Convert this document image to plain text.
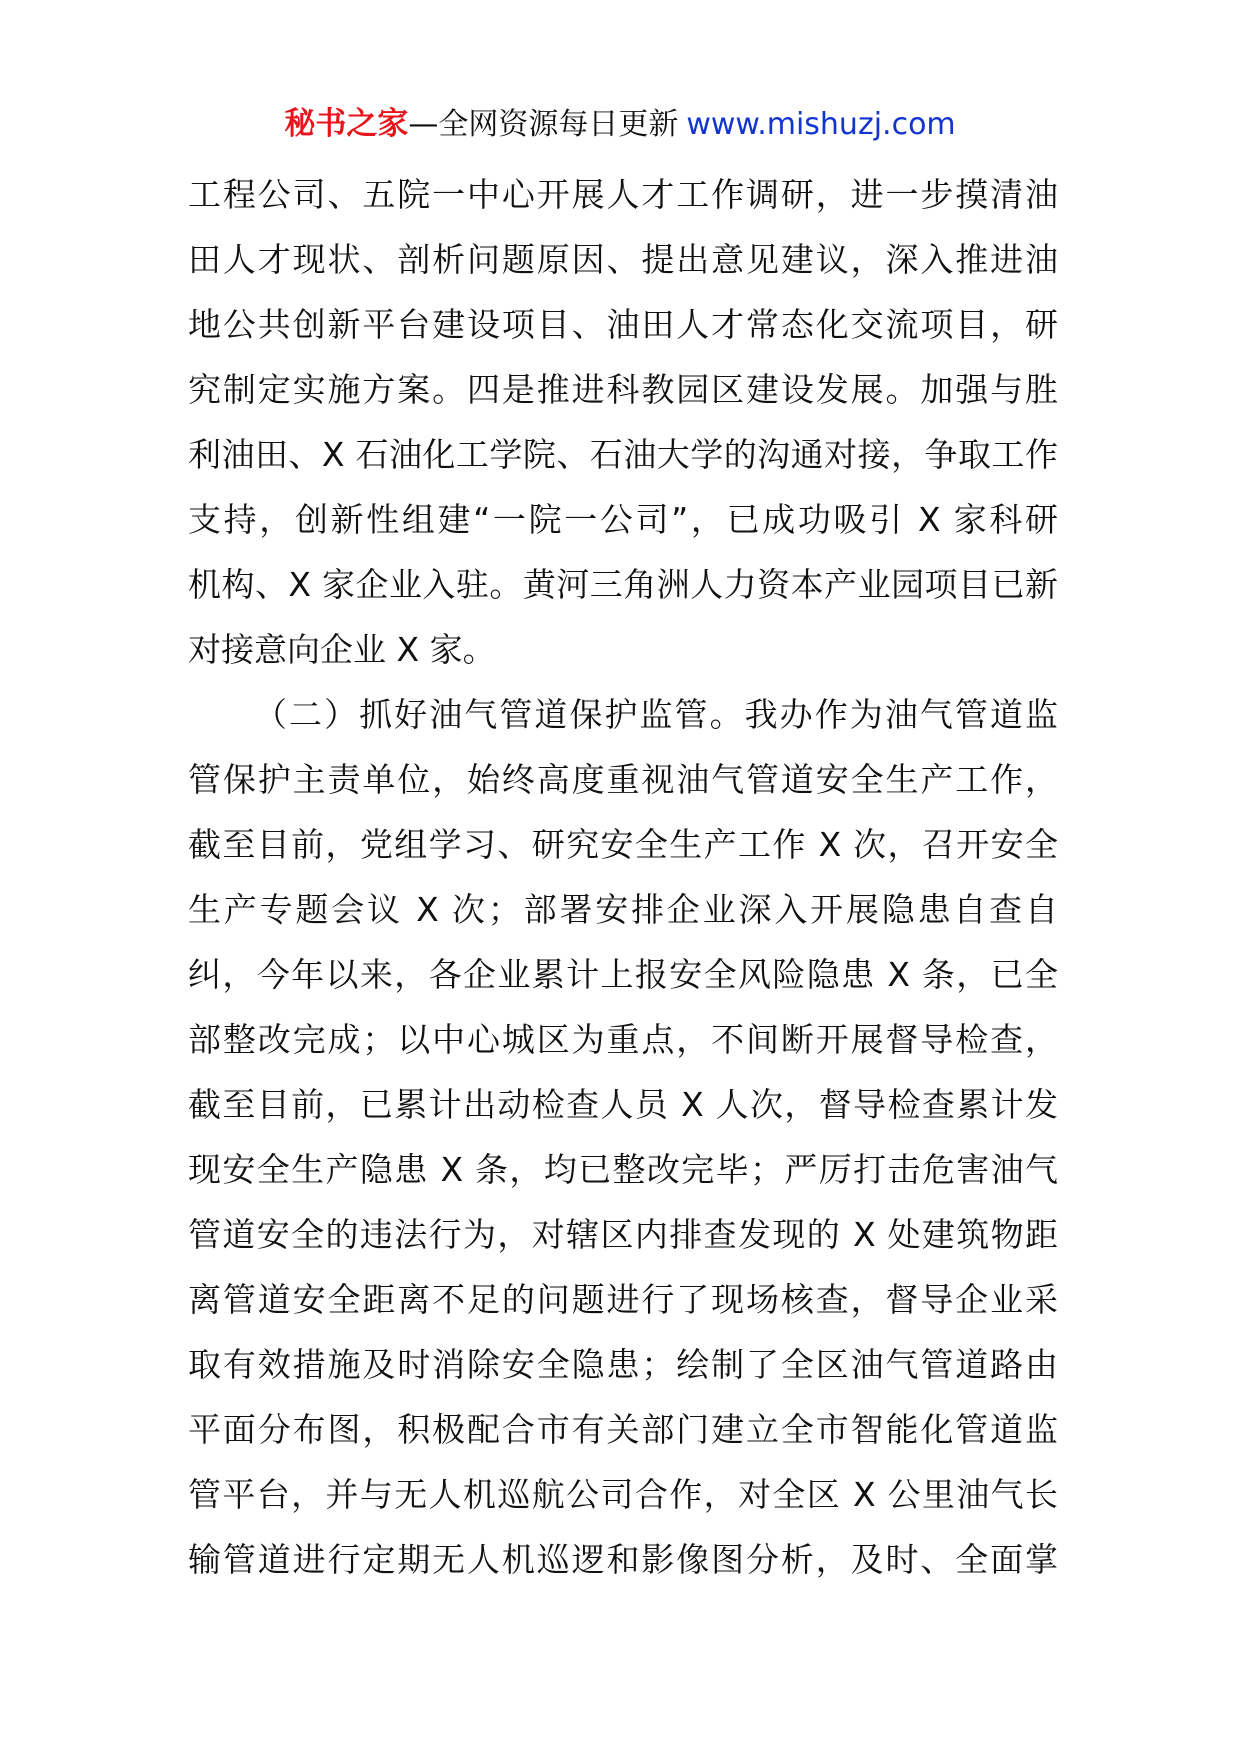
秘书之家—全网资源每日更新 www.mishuzj.com
工程公司、五院一中心开展人才工作调研，进一步摸清油
田人才现状、剖析问题原因、提出意见建议，深入推进油
地公共创新平台建设项目、油田人才常态化交流项目，研
究制定实施方案。四是推进科教园区建设发展。加强与胜
利油田、X 石油化工学院、石油大学的沟通对接，争取工作
支持，创新性组建“一院一公司”，已成功吸引 X 家科研
机构、X 家企业入驻。黄河三角洲人力资本产业园项目已新
对接意向企业 X 家。
（二）抓好油气管道保护监管。我办作为油气管道监
管保护主责单位，始终高度重视油气管道安全生产工作，
截至目前，党组学习、研究安全生产工作 X 次，召开安全
生产专题会议 X 次；部署安排企业深入开展隐患自查自
纠，今年以来，各企业累计上报安全风险隐患 X 条，已全
部整改完成；以中心城区为重点，不间断开展督导检查，
截至目前，已累计出动检查人员 X 人次，督导检查累计发
现安全生产隐患 X 条，均已整改完毕；严厉打击危害油气
管道安全的违法行为，对辖区内排查发现的 X 处建筑物距
离管道安全距离不足的问题进行了现场核查，督导企业采
取有效措施及时消除安全隐患；绘制了全区油气管道路由
平面分布图，积极配合市有关部门建立全市智能化管道监
管平台，并与无人机巡航公司合作，对全区 X 公里油气长
输管道进行定期无人机巡逻和影像图分析，及时、全面掌
